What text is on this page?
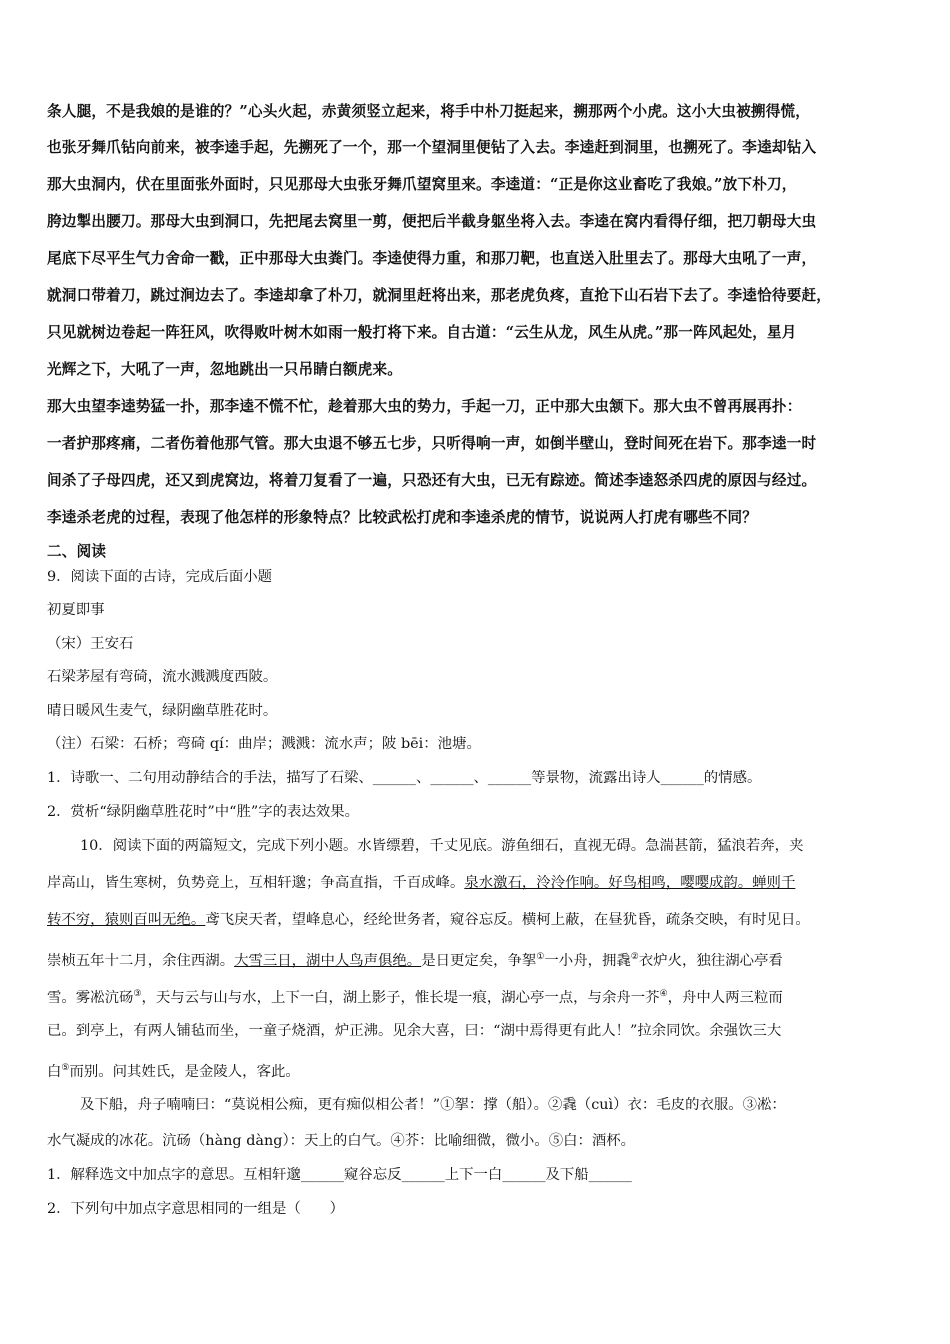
条人腿，不是我娘的是谁的？”心头火起，赤黄须竖立起来，将手中朴刀挺起来，搠那两个小虎。这小大虫被搠得慌，
也张牙舞爪钻向前来，被李逵手起，先搠死了一个，那一个望洞里便钻了入去。李逵赶到洞里，也搠死了。李逵却钻入
那大虫洞内，伏在里面张外面时，只见那母大虫张牙舞爪望窝里来。李逵道：“正是你这业畜吃了我娘。”放下朴刀，
胯边掣出腰刀。那母大虫到洞口，先把尾去窝里一剪，便把后半截身躯坐将入去。李逵在窝内看得仔细，把刀朝母大虫
尾底下尽平生气力舍命一戳，正中那母大虫粪门。李逵使得力重，和那刀靶，也直送入肚里去了。那母大虫吼了一声，
就洞口带着刀，跳过涧边去了。李逵却拿了朴刀，就洞里赶将出来，那老虎负疼，直抢下山石岩下去了。李逵恰待要赶，
只见就树边卷起一阵狂风，吹得败叶树木如雨一般打将下来。自古道：“云生从龙，风生从虎。”那一阵风起处，星月
光辉之下，大吼了一声，忽地跳出一只吊睛白额虎来。
那大虫望李逵势猛一扑，那李逵不慌不忙，趁着那大虫的势力，手起一刀，正中那大虫颔下。那大虫不曾再展再扑：
一者护那疼痛，二者伤着他那气管。那大虫退不够五七步，只听得响一声，如倒半壁山，登时间死在岩下。那李逵一时
间杀了子母四虎，还又到虎窝边，将着刀复看了一遍，只恐还有大虫，已无有踪迹。简述李逵怒杀四虎的原因与经过。
李逵杀老虎的过程，表现了他怎样的形象特点？比较武松打虎和李逵杀虎的情节，说说两人打虎有哪些不同？
二、阅读
9．阅读下面的古诗，完成后面小题
初夏即事
（宋）王安石
石梁茅屋有弯碕，流水溅溅度西陂。
晴日暖风生麦气，绿阴幽草胜花时。
（注）石梁：石桥；弯碕 qí：曲岸；溅溅：流水声；陂 bēi：池塘。
1．诗歌一、二句用动静结合的手法，描写了石梁、______、______、______等景物，流露出诗人______的情感。
2．赏析“绿阴幽草胜花时”中“胜”字的表达效果。
10．阅读下面的两篇短文，完成下列小题。水皆缥碧，千丈见底。游鱼细石，直视无碍。急湍甚箭，猛浪若奔，夹
岸高山，皆生寒树，负势竞上，互相轩邈；争高直指，千百成峰。泉水激石，泠泠作响。好鸟相鸣，嘤嘤成韵。蝉则千
转不穷，猿则百叫无绝。鸢飞戾天者，望峰息心，经纶世务者，窥谷忘反。横柯上蔽，在昼犹昏，疏条交映，有时见日。
崇桢五年十二月，余住西湖。大雪三日，湖中人鸟声俱绝。是日更定矣，争挐①一小舟，拥毳②衣炉火，独往湖心亭看
雪。雾凇沆砀③，天与云与山与水，上下一白，湖上影子，惟长堤一痕，湖心亭一点，与余舟一芥④，舟中人两三粒而
已。到亭上，有两人铺毡而坐，一童子烧酒，炉正沸。见余大喜，曰：“湖中焉得更有此人！”拉余同饮。余强饮三大
白⑤而别。问其姓氏，是金陵人，客此。
及下船，舟子喃喃曰：“莫说相公痴，更有痴似相公者！”①挐：撑（船）。②毳（cuì）衣：毛皮的衣服。③凇：
水气凝成的冰花。沆砀（hàng dàng）：天上的白气。④芥：比喻细微，微小。⑤白：酒杯。
1．解释选文中加点字的意思。互相轩邈______窥谷忘反______上下一白______及下船______
2．下列句中加点字意思相同的一组是（　　）
